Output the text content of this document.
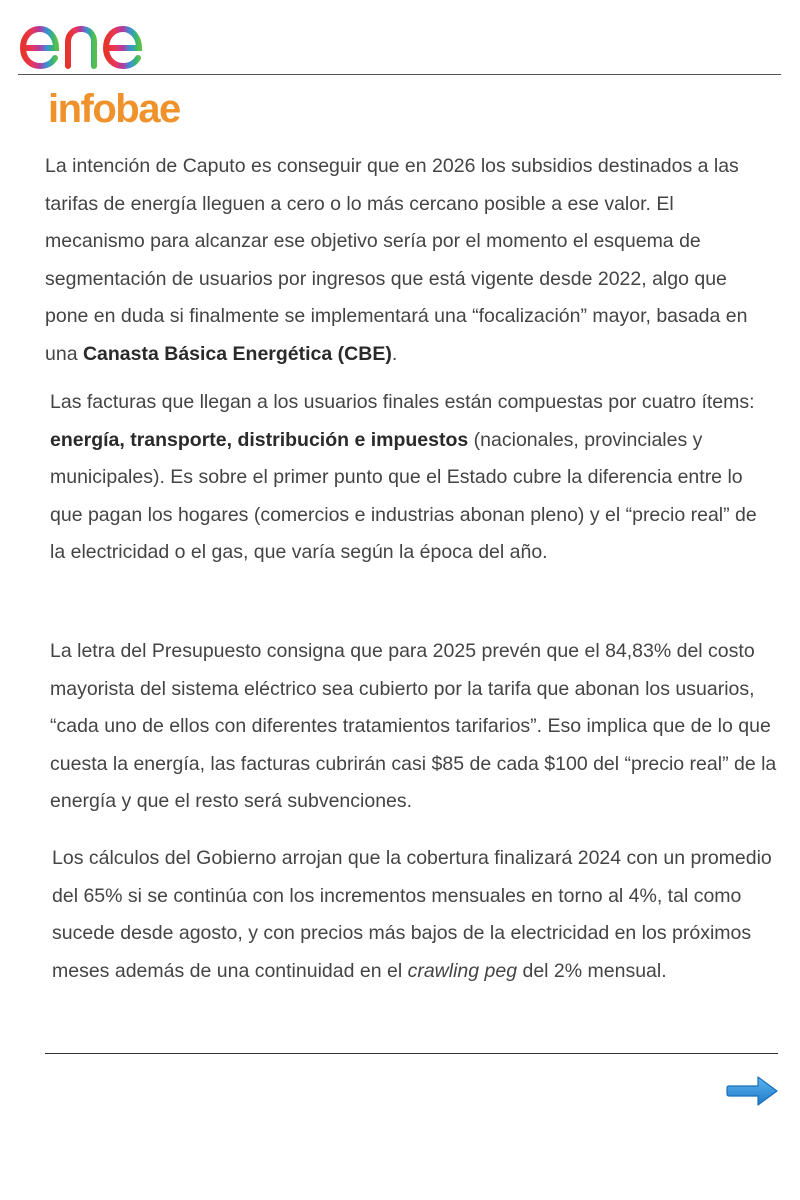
infobae

La intención de Caputo es conseguir que en 2026 los subsidios destinados a las tarifas de energía lleguen a cero o lo más cercano posible a ese valor. El mecanismo para alcanzar ese objetivo sería por el momento el esquema de segmentación de usuarios por ingresos que está vigente desde 2022, algo que pone en duda si finalmente se implementará una “focalización” mayor, basada en una Canasta Básica Energética (CBE).

Las facturas que llegan a los usuarios finales están compuestas por cuatro ítems: energía, transporte, distribución e impuestos (nacionales, provinciales y municipales). Es sobre el primer punto que el Estado cubre la diferencia entre lo que pagan los hogares (comercios e industrias abonan pleno) y el “precio real” de la electricidad o el gas, que varía según la época del año.

La letra del Presupuesto consigna que para 2025 prevén que el 84,83% del costo mayorista del sistema eléctrico sea cubierto por la tarifa que abonan los usuarios, “cada uno de ellos con diferentes tratamientos tarifarios”. Eso implica que de lo que cuesta la energía, las facturas cubrirán casi $85 de cada $100 del “precio real” de la energía y que el resto será subvenciones.

Los cálculos del Gobierno arrojan que la cobertura finalizará 2024 con un promedio del 65% si se continúa con los incrementos mensuales en torno al 4%, tal como sucede desde agosto, y con precios más bajos de la electricidad en los próximos meses además de una continuidad en el crawling peg del 2% mensual.
